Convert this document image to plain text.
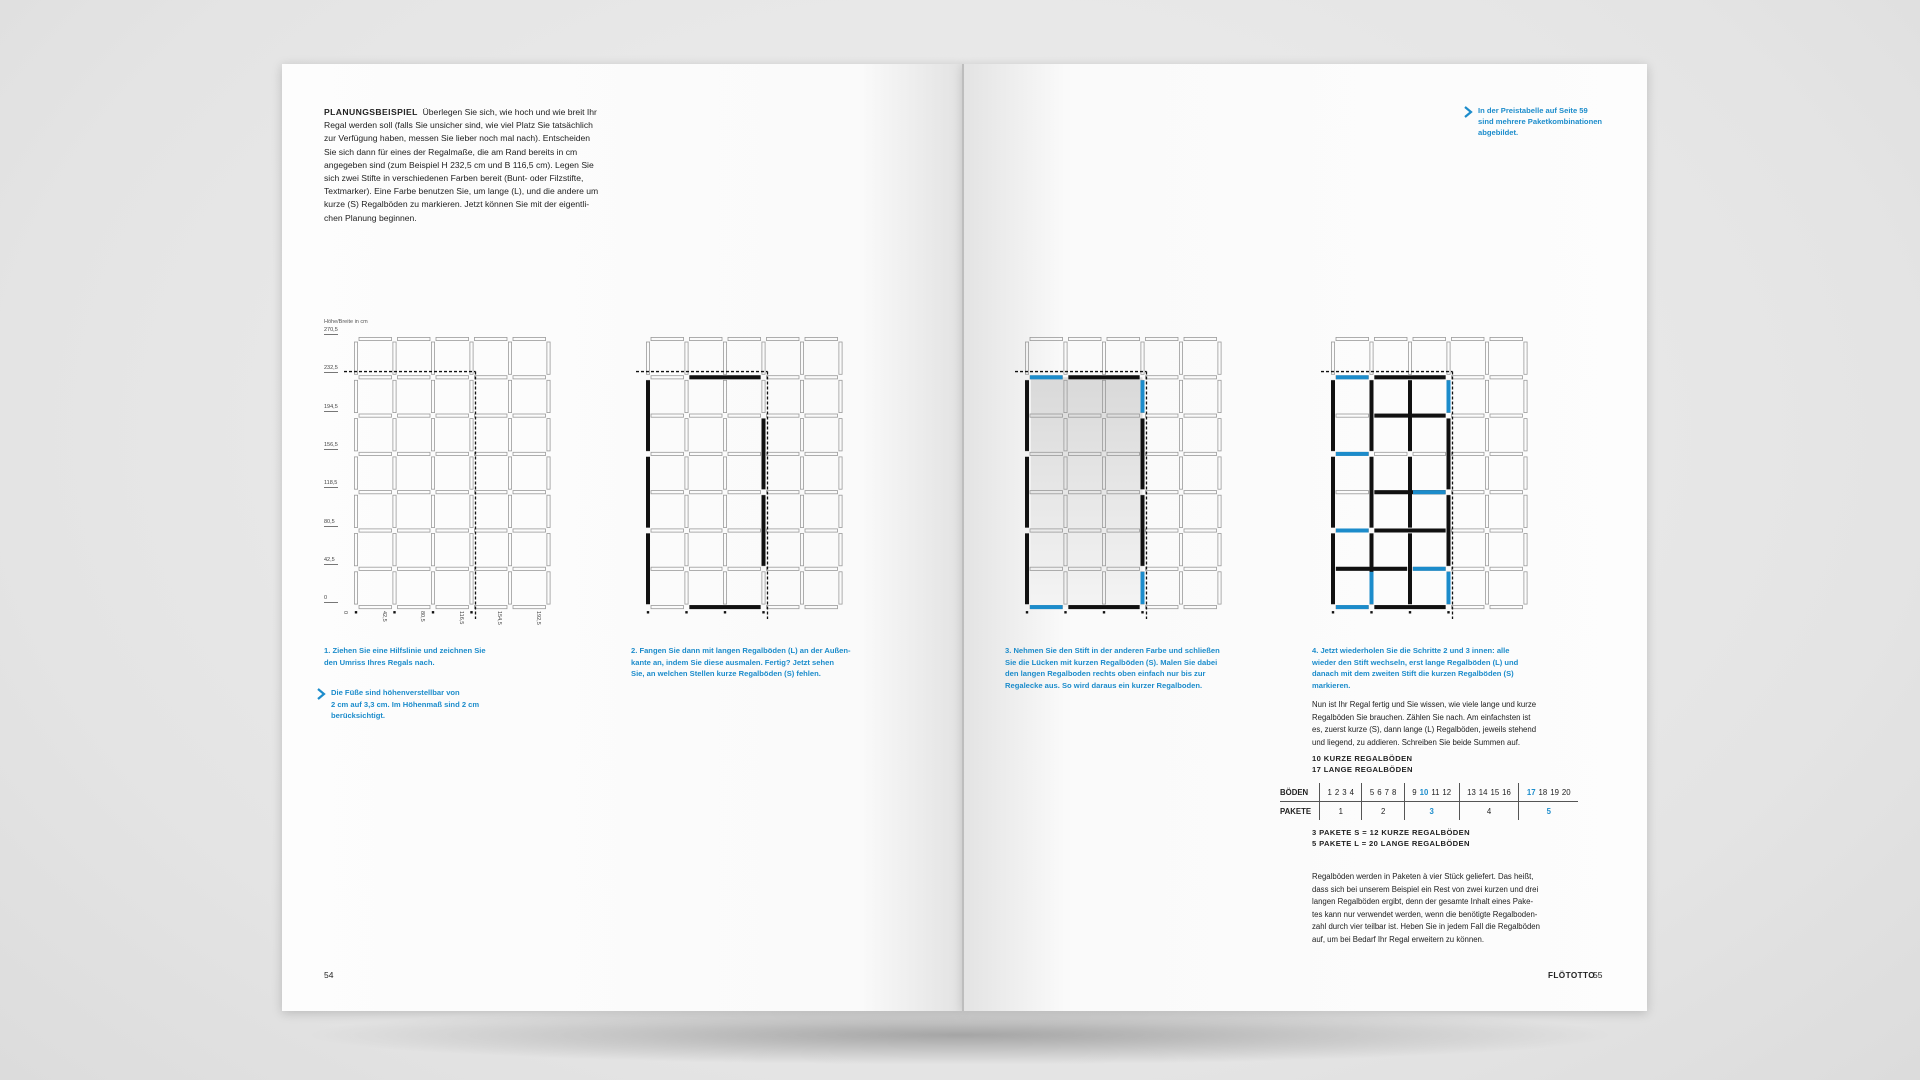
PLANUNGSBEISPIEL Überlegen Sie sich, wie hoch und wie breit Ihr
Regal werden soll (falls Sie unsicher sind, wie viel Platz Sie tatsächlich
zur Verfügung haben, messen Sie lieber noch mal nach). Entscheiden
Sie sich dann für eines der Regalmaße, die am Rand bereits in cm
angegeben sind (zum Beispiel H 232,5 cm und B 116,5 cm). Legen Sie
sich zwei Stifte in verschiedenen Farben bereit (Bunt- oder Filzstifte,
Textmarker). Eine Farbe benutzen Sie, um lange (L), und die andere um
kurze (S) Regalböden zu markieren. Jetzt können Sie mit der eigentli-
chen Planung beginnen.
Höhe/Breite in cm
270,5
232,5
194,5
156,5
118,5
80,5
42,5
0
0	42,5	80,5	116,5	154,5	192,5
1. Ziehen Sie eine Hilfslinie und zeichnen Sie
den Umriss Ihres Regals nach.
2. Fangen Sie dann mit langen Regalböden (L) an der Außen-
kante an, indem Sie diese ausmalen. Fertig? Jetzt sehen
Sie, an welchen Stellen kurze Regalböden (S) fehlen.
Die Füße sind höhenverstellbar von
2 cm auf 3,3 cm. Im Höhenmaß sind 2 cm
berücksichtigt.
54
In der Preistabelle auf Seite 59
sind mehrere Paketkombinationen
abgebildet.
3. Nehmen Sie den Stift in der anderen Farbe und schließen
Sie die Lücken mit kurzen Regalböden (S). Malen Sie dabei
den langen Regalboden rechts oben einfach nur bis zur
Regalecke aus. So wird daraus ein kurzer Regalboden.
4. Jetzt wiederholen Sie die Schritte 2 und 3 innen: alle
wieder den Stift wechseln, erst lange Regalböden (L) und
danach mit dem zweiten Stift die kurzen Regalböden (S)
markieren.
Nun ist Ihr Regal fertig und Sie wissen, wie viele lange und kurze
Regalböden Sie brauchen. Zählen Sie nach. Am einfachsten ist
es, zuerst kurze (S), dann lange (L) Regalböden, jeweils stehend
und liegend, zu addieren. Schreiben Sie beide Summen auf.
10 KURZE REGALBÖDEN
17 LANGE REGALBÖDEN
BÖDEN	1 2 3 4	5 6 7 8	9 10 11 12	13 14 15 16	17 18 19 20
PAKETE	1	2	3	4	5
3 PAKETE S = 12 KURZE REGALBÖDEN
5 PAKETE L = 20 LANGE REGALBÖDEN
Regalböden werden in Paketen à vier Stück geliefert. Das heißt,
dass sich bei unserem Beispiel ein Rest von zwei kurzen und drei
langen Regalböden ergibt, denn der gesamte Inhalt eines Pake-
tes kann nur verwendet werden, wenn die benötigte Regalboden-
zahl durch vier teilbar ist. Heben Sie in jedem Fall die Regalböden
auf, um bei Bedarf Ihr Regal erweitern zu können.
FLÖTOTTO
55
